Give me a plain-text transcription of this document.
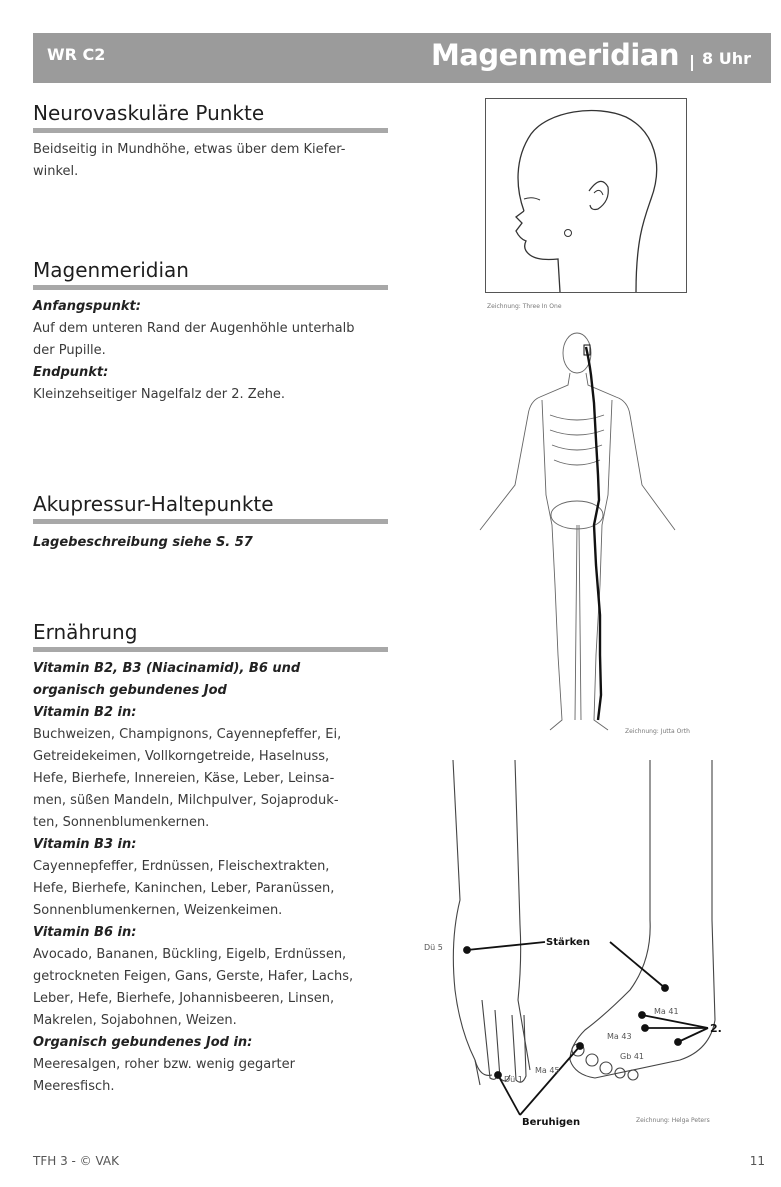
WR C2	Magenmeridian 8 Uhr
Neurovaskuläre Punkte

Beidseitig in Mundhöhe, etwas über dem Kiefer-

winkel.

Magenmeridian

Anfangspunkt:

Auf dem unteren Rand der Augenhöhle unterhalb

der Pupille.

Endpunkt:

Kleinzehseitiger Nagelfalz der 2. Zehe.

Akupressur-Haltepunkte

Lagebeschreibung siehe S. 57

Ernährung

Vitamin B2, B3 (Niacinamid), B6 und

organisch gebundenes Jod

Vitamin B2 in:

Buchweizen, Champignons, Cayennepfeffer, Ei,

Getreidekeimen, Vollkorngetreide, Haselnuss,

Hefe, Bierhefe, Innereien, Käse, Leber, Leinsa-

men, süßen Mandeln, Milchpulver, Sojaproduk-

ten, Sonnenblumenkernen.

Vitamin B3 in:

Cayennepfeffer, Erdnüssen, Fleischextrakten,

Hefe, Bierhefe, Kaninchen, Leber, Paranüssen,

Sonnenblumenkernen, Weizenkeimen.

Vitamin B6 in:

Avocado, Bananen, Bückling, Eigelb, Erdnüssen,

getrockneten Feigen, Gans, Gerste, Hafer, Lachs,

Leber, Hefe, Bierhefe, Johannisbeeren, Linsen,

Makrelen, Sojabohnen, Weizen.

Organisch gebundenes Jod in:

Meeresalgen, roher bzw. wenig gegarter

Meeresfisch.

Zeichnung: Three In One
Zeichnung: Jutta Orth
Stärken
Beruhigen
Dü 5
Dü 1
Ma 41
Ma 43
Gb 41
Ma 45
2.
Zeichnung: Helga Peters
TFH 3 - © VAK	11
